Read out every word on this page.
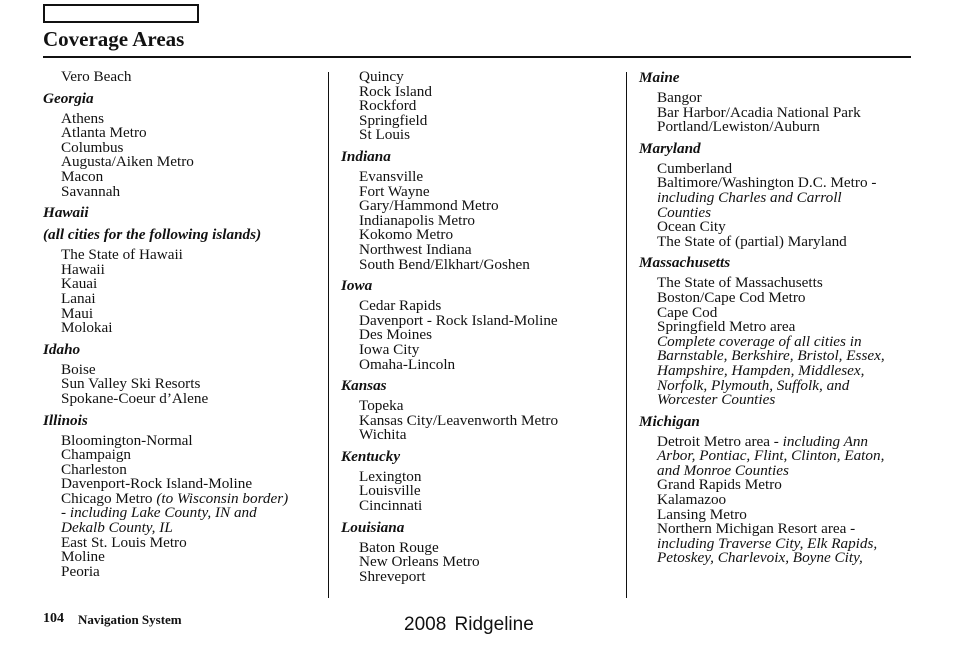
Coverage Areas
Vero Beach
Georgia
Athens
Atlanta Metro
Columbus
Augusta/Aiken Metro
Macon
Savannah
Hawaii
(all cities for the following islands)
The State of Hawaii
Hawaii
Kauai
Lanai
Maui
Molokai
Idaho
Boise
Sun Valley Ski Resorts
Spokane-Coeur d’Alene
Illinois
Bloomington-Normal
Champaign
Charleston
Davenport-Rock Island-Moline
Chicago Metro (to Wisconsin border)
- including Lake County, IN and
Dekalb County, IL
East St. Louis Metro
Moline
Peoria
Quincy
Rock Island
Rockford
Springfield
St Louis
Indiana
Evansville
Fort Wayne
Gary/Hammond Metro
Indianapolis Metro
Kokomo Metro
Northwest Indiana
South Bend/Elkhart/Goshen
Iowa
Cedar Rapids
Davenport - Rock Island-Moline
Des Moines
Iowa City
Omaha-Lincoln
Kansas
Topeka
Kansas City/Leavenworth Metro
Wichita
Kentucky
Lexington
Louisville
Cincinnati
Louisiana
Baton Rouge
New Orleans Metro
Shreveport
Maine
Bangor
Bar Harbor/Acadia National Park
Portland/Lewiston/Auburn
Maryland
Cumberland
Baltimore/Washington D.C. Metro -
including Charles and Carroll
Counties
Ocean City
The State of (partial) Maryland
Massachusetts
The State of Massachusetts
Boston/Cape Cod Metro
Cape Cod
Springfield Metro area
Complete coverage of all cities in
Barnstable, Berkshire, Bristol, Essex,
Hampshire, Hampden, Middlesex,
Norfolk, Plymouth, Suffolk, and
Worcester Counties
Michigan
Detroit Metro area - including Ann
Arbor, Pontiac, Flint, Clinton, Eaton,
and Monroe Counties
Grand Rapids Metro
Kalamazoo
Lansing Metro
Northern Michigan Resort area -
including Traverse City, Elk Rapids,
Petoskey, Charlevoix, Boyne City,
104 Navigation System	2008 Ridgeline
